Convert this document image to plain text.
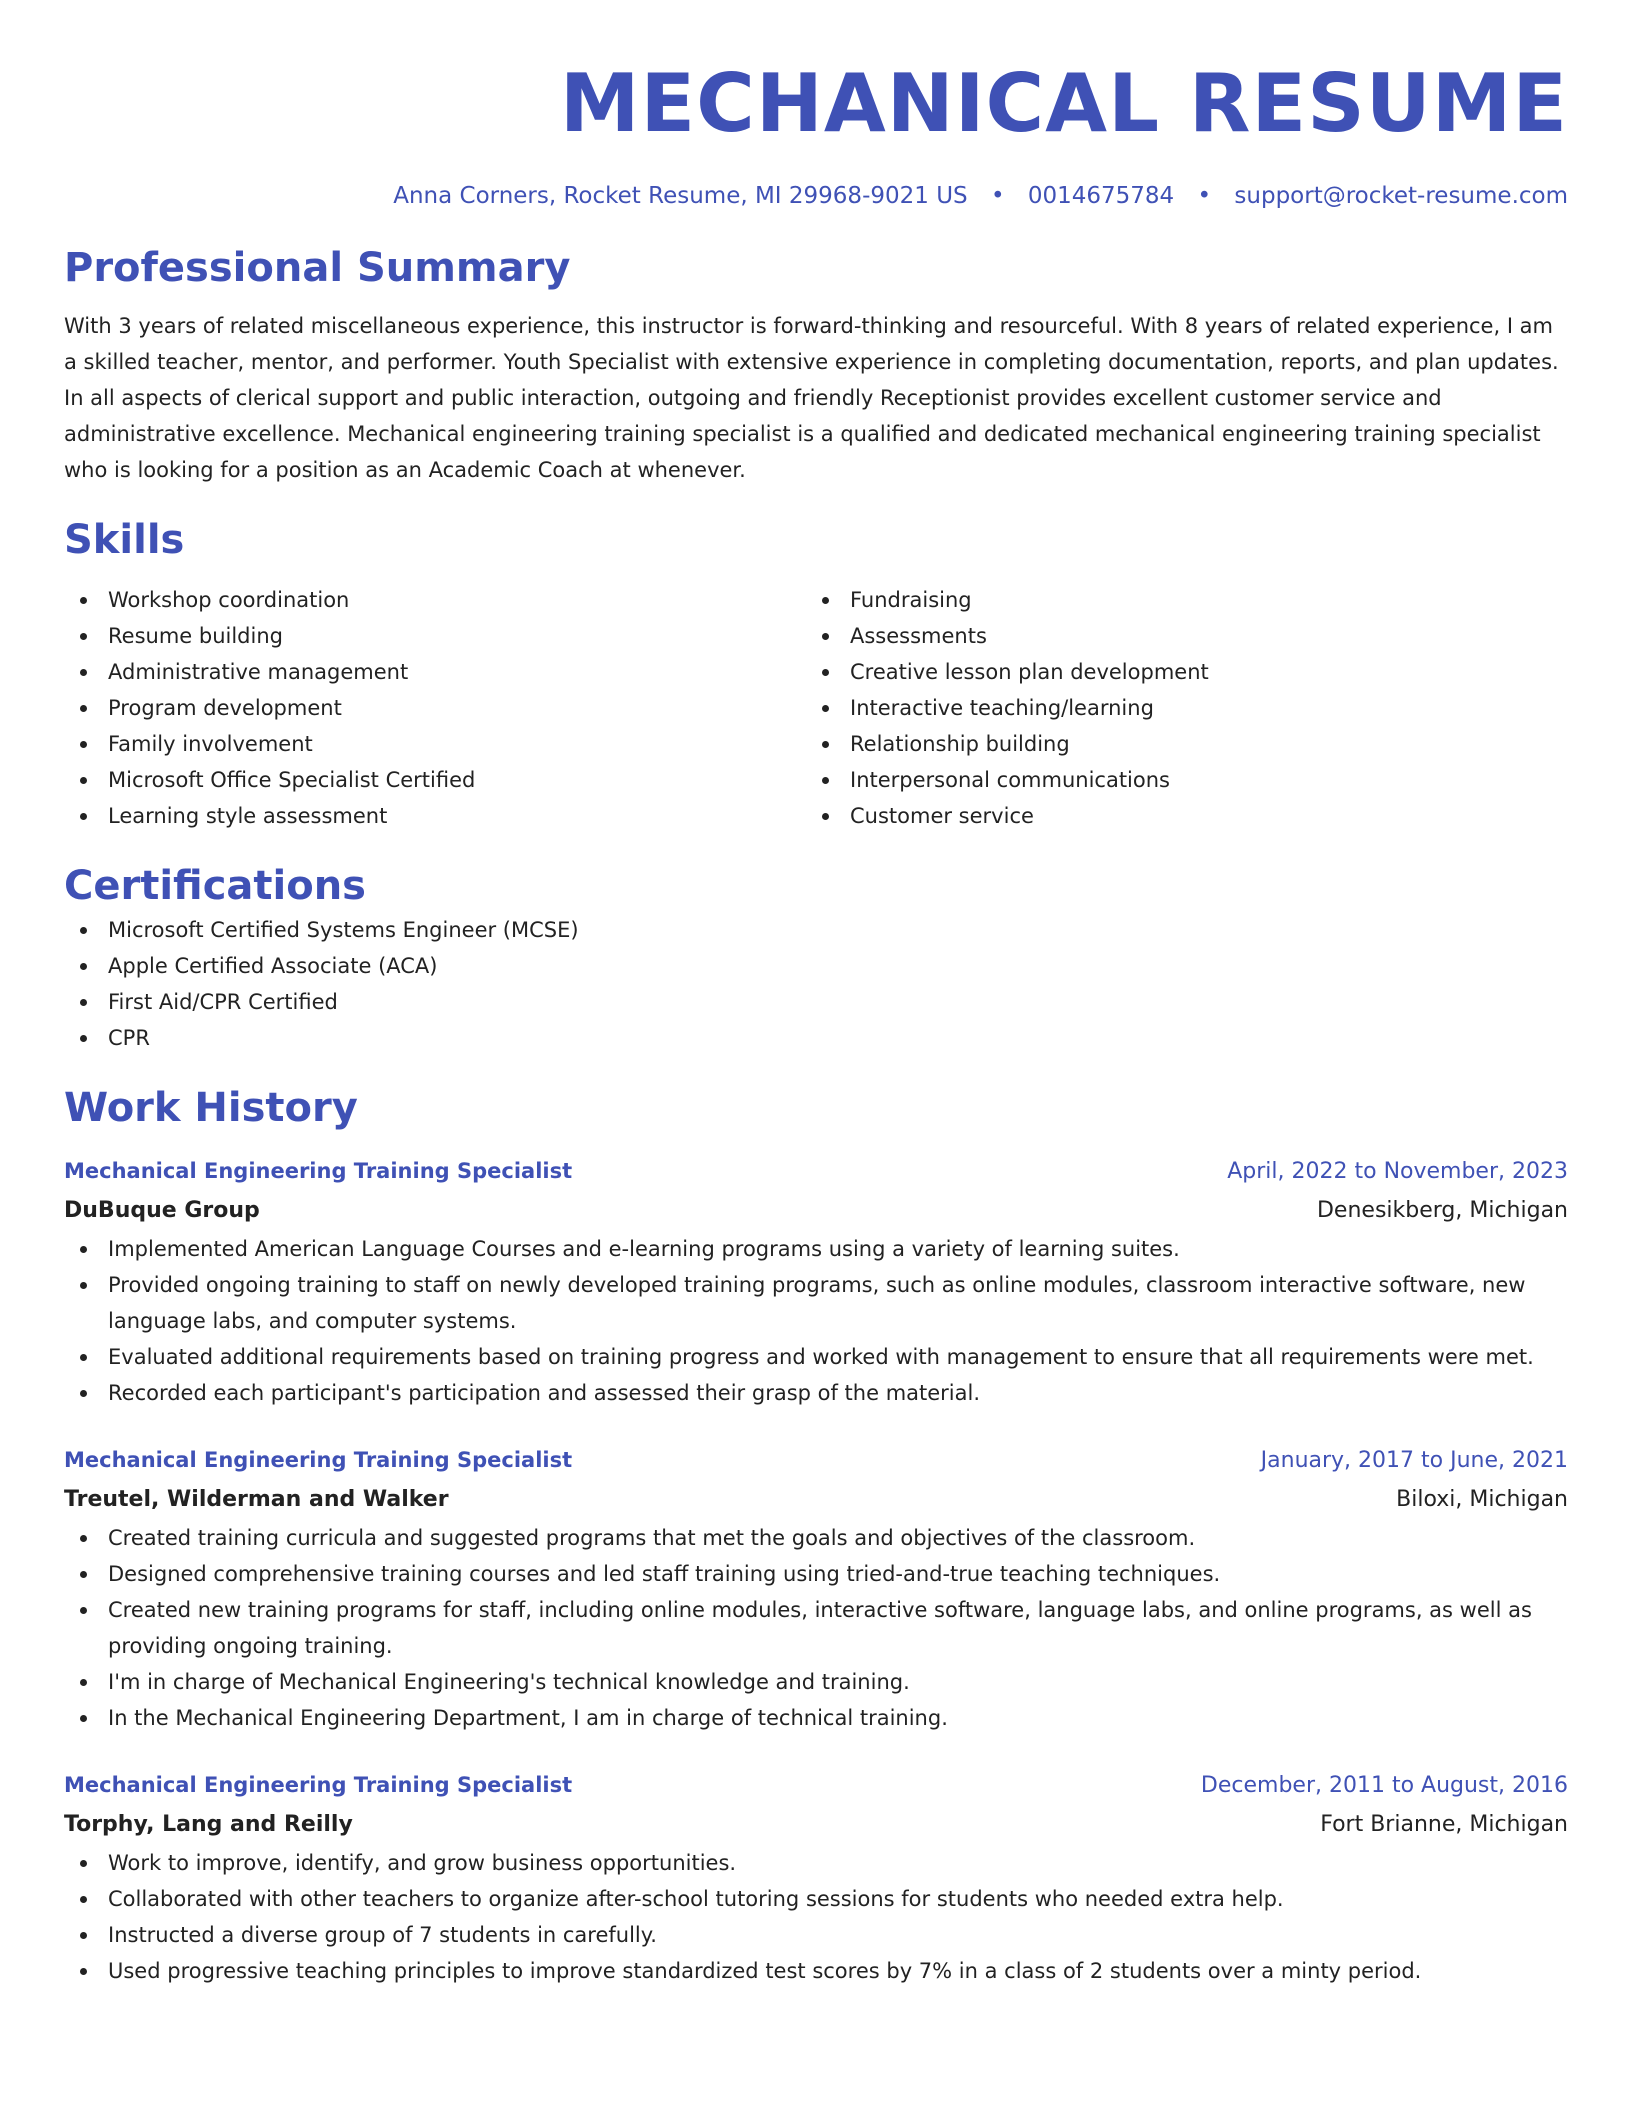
MECHANICAL RESUME
Anna Corners, Rocket Resume, MI 29968-9021 US • 0014675784 • support@rocket-resume.com
Professional Summary

With 3 years of related miscellaneous experience, this instructor is forward-thinking and resourceful. With 8 years of related experience, I am a skilled teacher, mentor, and performer. Youth Specialist with extensive experience in completing documentation, reports, and plan updates. In all aspects of clerical support and public interaction, outgoing and friendly Receptionist provides excellent customer service and administrative excellence. Mechanical engineering training specialist is a qualified and dedicated mechanical engineering training specialist who is looking for a position as an Academic Coach at whenever.

Skills
Workshop coordination
Resume building
Administrative management
Program development
Family involvement
Microsoft Office Specialist Certified
Learning style assessment
Fundraising
Assessments
Creative lesson plan development
Interactive teaching/learning
Relationship building
Interpersonal communications
Customer service
Certifications
Microsoft Certified Systems Engineer (MCSE)
Apple Certified Associate (ACA)
First Aid/CPR Certified
CPR
Work History
Mechanical Engineering Training Specialist	April, 2022 to November, 2023
DuBuque Group	Denesikberg, Michigan
Implemented American Language Courses and e-learning programs using a variety of learning suites.
Provided ongoing training to staff on newly developed training programs, such as online modules, classroom interactive software, new language labs, and computer systems.
Evaluated additional requirements based on training progress and worked with management to ensure that all requirements were met.
Recorded each participant's participation and assessed their grasp of the material.
Mechanical Engineering Training Specialist	January, 2017 to June, 2021
Treutel, Wilderman and Walker	Biloxi, Michigan
Created training curricula and suggested programs that met the goals and objectives of the classroom.
Designed comprehensive training courses and led staff training using tried-and-true teaching techniques.
Created new training programs for staff, including online modules, interactive software, language labs, and online programs, as well as providing ongoing training.
I'm in charge of Mechanical Engineering's technical knowledge and training.
In the Mechanical Engineering Department, I am in charge of technical training.
Mechanical Engineering Training Specialist	December, 2011 to August, 2016
Torphy, Lang and Reilly	Fort Brianne, Michigan
Work to improve, identify, and grow business opportunities.
Collaborated with other teachers to organize after-school tutoring sessions for students who needed extra help.
Instructed a diverse group of 7 students in carefully.
Used progressive teaching principles to improve standardized test scores by 7% in a class of 2 students over a minty period.
